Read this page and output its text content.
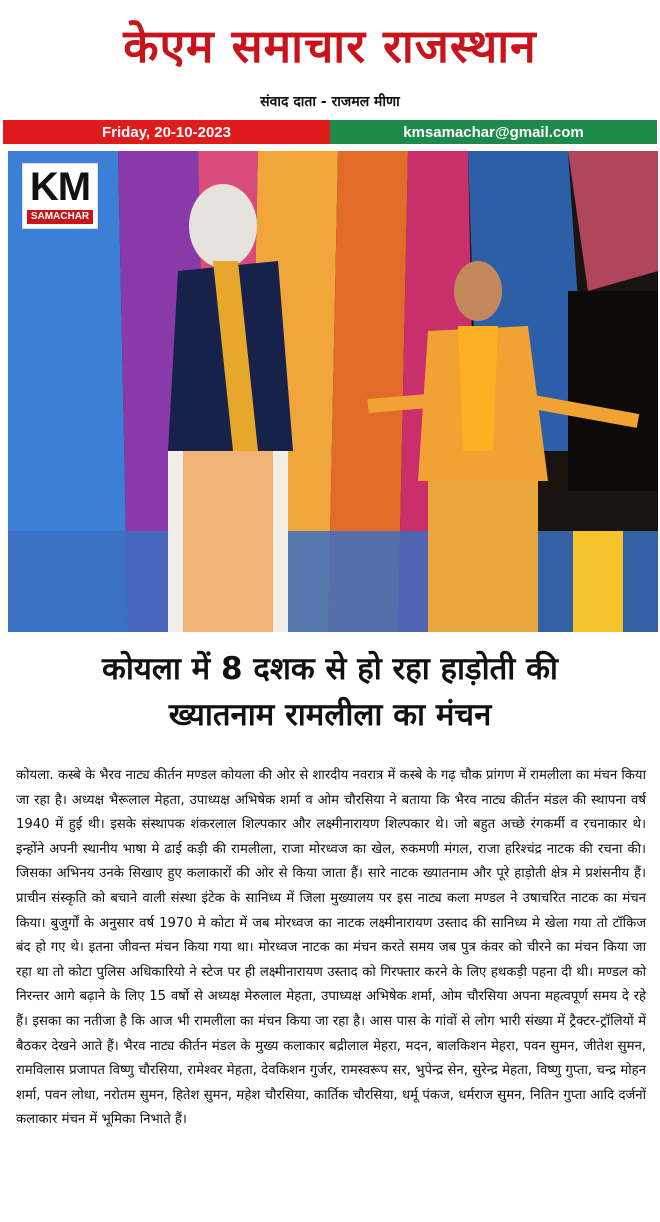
केएम समाचार राजस्थान
संवाद दाता - राजमल मीणा
Friday, 20-10-2023	kmsamachar@gmail.com
KM
SAMACHAR
कोयला में 8 दशक से हो रहा हाड़ोती की
ख्यातनाम रामलीला का मंचन
कोयला. कस्बे के भैरव नाट्य कीर्तन मण्डल कोयला की ओर से शारदीय नवरात्र में कस्बे के गढ़ चौक प्रांगण में रामलीला का मंचन किया जा रहा है। अध्यक्ष भैरूलाल मेहता, उपाध्यक्ष अभिषेक शर्मा व ओम चौरसिया ने बताया कि भैरव नाट्य कीर्तन मंडल की स्थापना वर्ष 1940 में हुई थी। इसके संस्थापक शंकरलाल शिल्पकार और लक्ष्मीनारायण शिल्पकार थे। जो बहुत अच्छे रंगकर्मी व रचनाकार थे। इन्होंने अपनी स्थानीय भाषा मे ढाई कड़ी की रामलीला, राजा मोरध्वज का खेल, रुकमणी मंगल, राजा हरिश्चंद्र नाटक की रचना की। जिसका अभिनय उनके सिखाए हुए कलाकारों की ओर से किया जाता हैं। सारे नाटक ख्यातनाम और पूरे हाड़ोती क्षेत्र मे प्रशंसनीय हैं। प्राचीन संस्कृति को बचाने वाली संस्था इंटेक के सानिध्य में जिला मुख्यालय पर इस नाट्य कला मण्डल ने उषाचरित नाटक का मंचन किया। बुजुर्गों के अनुसार वर्ष 1970 मे कोटा में जब मोरध्वज का नाटक लक्ष्मीनारायण उस्ताद की सानिध्य मे खेला गया तो टॉकिज बंद हो गए थे। इतना जीवन्त मंचन किया गया था। मोरध्वज नाटक का मंचन करते समय जब पुत्र कंवर को चीरने का मंचन किया जा रहा था तो कोटा पुलिस अधिकारियो ने स्टेज पर ही लक्ष्मीनारायण उस्ताद को गिरफ्तार करने के लिए हथकड़ी पहना दी थी। मण्डल को निरन्तर आगे बढ़ाने के लिए 15 वर्षो से अध्यक्ष मेरुलाल मेहता, उपाध्यक्ष अभिषेक शर्मा, ओम चौरसिया अपना महत्वपूर्ण समय दे रहे हैं। इसका का नतीजा है कि आज भी रामलीला का मंचन किया जा रहा है। आस पास के गांवों से लोग भारी संख्या में ट्रैक्टर-ट्रॉलियों में बैठकर देखने आते हैं। भैरव नाट्य कीर्तन मंडल के मुख्य कलाकार बद्रीलाल मेहरा, मदन, बालकिशन मेहरा, पवन सुमन, जीतेश सुमन, रामविलास प्रजापत विष्णु चौरसिया, रामेश्वर मेहता, देवकिशन गुर्जर, रामस्वरूप सर, भुपेन्द्र सेन, सुरेन्द्र मेहता, विष्णु गुप्ता, चन्द्र मोहन शर्मा, पवन लोधा, नरोतम सुमन, हितेश सुमन, महेश चौरसिया, कार्तिक चौरसिया, धर्मू पंकज, धर्मराज सुमन, नितिन गुप्ता आदि दर्जनों कलाकार मंचन में भूमिका निभाते हैं।
